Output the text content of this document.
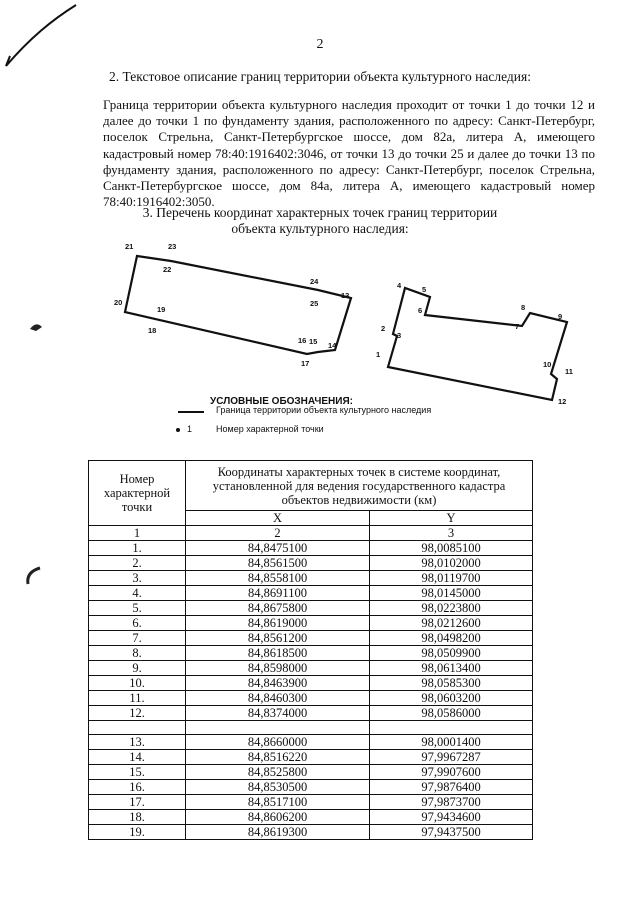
2
2. Текстовое описание границ территории объекта культурного наследия:
Граница территории объекта культурного наследия проходит от точки 1 до точки 12 и далее до точки 1 по фундаменту здания, расположенного по адресу: Санкт-Петербург, поселок Стрельна, Санкт-Петербургское шоссе, дом 82а, литера А, имеющего кадастровый номер 78:40:1916402:3046, от точки 13 до точки 25 и далее до точки 13 по фундаменту здания, расположенного по адресу: Санкт-Петербург, поселок Стрельна, Санкт-Петербургское шоссе, дом 84а, литера А, имеющего кадастровый номер 78:40:1916402:3050.
3. Перечень координат характерных точек границ территории
объекта культурного наследия:
21	23
22
24
25
13
20
19
18
16 15 14
17
4	5
6	8
9
2
3
7
1
10
11
12
УСЛОВНЫЕ ОБОЗНАЧЕНИЯ:
Граница территории объекта культурного наследия
1	Номер характерной точки
Номер характерной точки	Координаты характерных точек в системе координат, установленной для ведения государственного кадастра объектов недвижимости (км)	
	X	Y
1	2	3
1.	84,8475100	98,0085100
2.	84,8561500	98,0102000
3.	84,8558100	98,0119700
4.	84,8691100	98,0145000
5.	84,8675800	98,0223800
6.	84,8619000	98,0212600
7.	84,8561200	98,0498200
8.	84,8618500	98,0509900
9.	84,8598000	98,0613400
10.	84,8463900	98,0585300
11.	84,8460300	98,0603200
12.	84,8374000	98,0586000

13.	84,8660000	98,0001400
14.	84,8516220	97,9967287
15.	84,8525800	97,9907600
16.	84,8530500	97,9876400
17.	84,8517100	97,9873700
18.	84,8606200	97,9434600
19.	84,8619300	97,9437500
